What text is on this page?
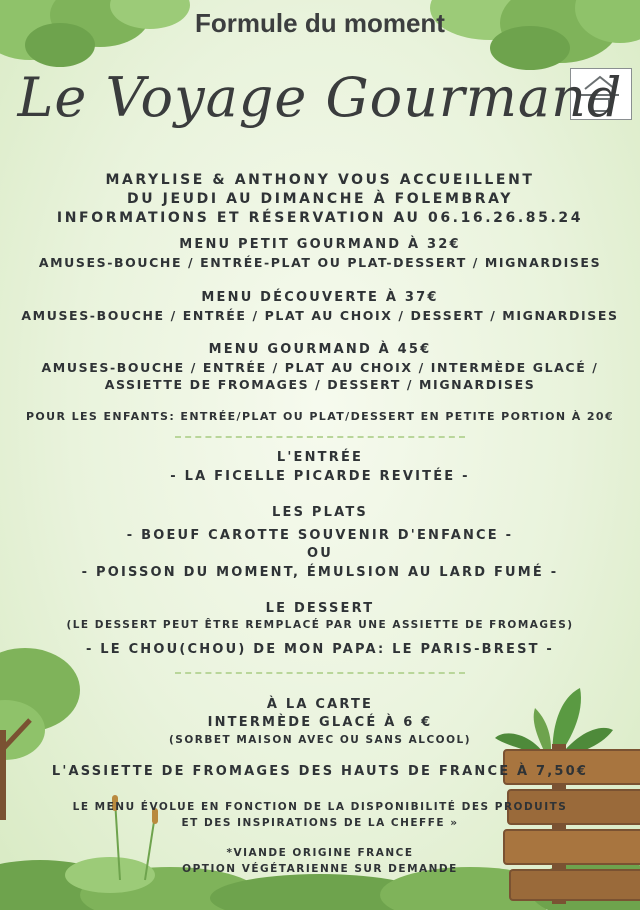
Formule du moment
Le Voyage Gourmand
MARYLISE & ANTHONY VOUS ACCUEILLENT
DU JEUDI AU DIMANCHE À FOLEMBRAY
INFORMATIONS ET RÉSERVATION AU 06.16.26.85.24
MENU PETIT GOURMAND À 32€
AMUSES-BOUCHE / ENTRÉE-PLAT OU PLAT-DESSERT / MIGNARDISES
MENU DÉCOUVERTE À 37€
AMUSES-BOUCHE / ENTRÉE / PLAT AU CHOIX / DESSERT / MIGNARDISES
MENU GOURMAND À 45€
AMUSES-BOUCHE / ENTRÉE / PLAT AU CHOIX / INTERMÈDE GLACÉ /
ASSIETTE DE FROMAGES / DESSERT / MIGNARDISES
POUR LES ENFANTS: ENTRÉE/PLAT OU PLAT/DESSERT EN PETITE PORTION À 20€
L'ENTRÉE
- LA FICELLE PICARDE REVITÉE -
LES PLATS
- BOEUF CAROTTE SOUVENIR D'ENFANCE -
OU
- POISSON DU MOMENT, ÉMULSION AU LARD FUMÉ -
LE DESSERT
(LE DESSERT PEUT ÊTRE REMPLACÉ PAR UNE ASSIETTE DE FROMAGES)
- LE CHOU(CHOU) DE MON PAPA: LE PARIS-BREST -
À LA CARTE
INTERMÈDE GLACÉ À 6 €
(SORBET MAISON AVEC OU SANS ALCOOL)
L'ASSIETTE DE FROMAGES DES HAUTS DE FRANCE À 7,50€
LE MENU ÉVOLUE EN FONCTION DE LA DISPONIBILITÉ DES PRODUITS
ET DES INSPIRATIONS DE LA CHEFFE »
*VIANDE ORIGINE FRANCE
OPTION VÉGÉTARIENNE SUR DEMANDE
